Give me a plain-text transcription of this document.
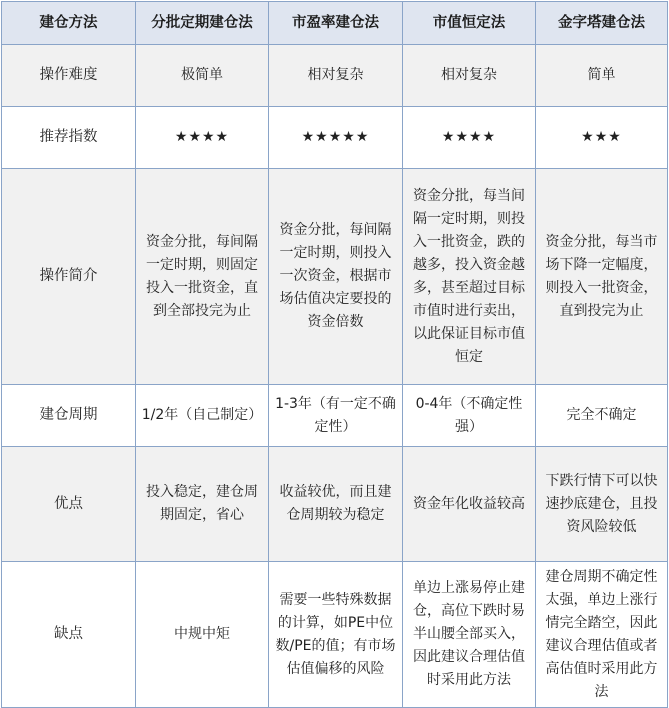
建仓方法	分批定期建仓法	市盈率建仓法	市值恒定法	金字塔建仓法
操作难度	极简单	相对复杂	相对复杂	简单
推荐指数	★★★★	★★★★★	★★★★	★★★
操作简介	资金分批，每间隔一定时期，则固定投入一批资金，直到全部投完为止	资金分批，每间隔一定时期，则投入一次资金，根据市场估值决定要投的资金倍数	资金分批，每当间隔一定时期，则投入一批资金，跌的越多，投入资金越多，甚至超过目标市值时进行卖出，以此保证目标市值恒定	资金分批，每当市场下降一定幅度，则投入一批资金，直到投完为止
建仓周期	1/2年（自己制定）	1-3年（有一定不确定性）	0-4年（不确定性强）	完全不确定
优点	投入稳定，建仓周期固定，省心	收益较优，而且建仓周期较为稳定	资金年化收益较高	下跌行情下可以快速抄底建仓，且投资风险较低
缺点	中规中矩	需要一些特殊数据的计算，如PE中位数/PE的值；有市场估值偏移的风险	单边上涨易停止建仓，高位下跌时易半山腰全部买入，因此建议合理估值时采用此方法	建仓周期不确定性太强，单边上涨行情完全踏空，因此建议合理估值或者高估值时采用此方法
